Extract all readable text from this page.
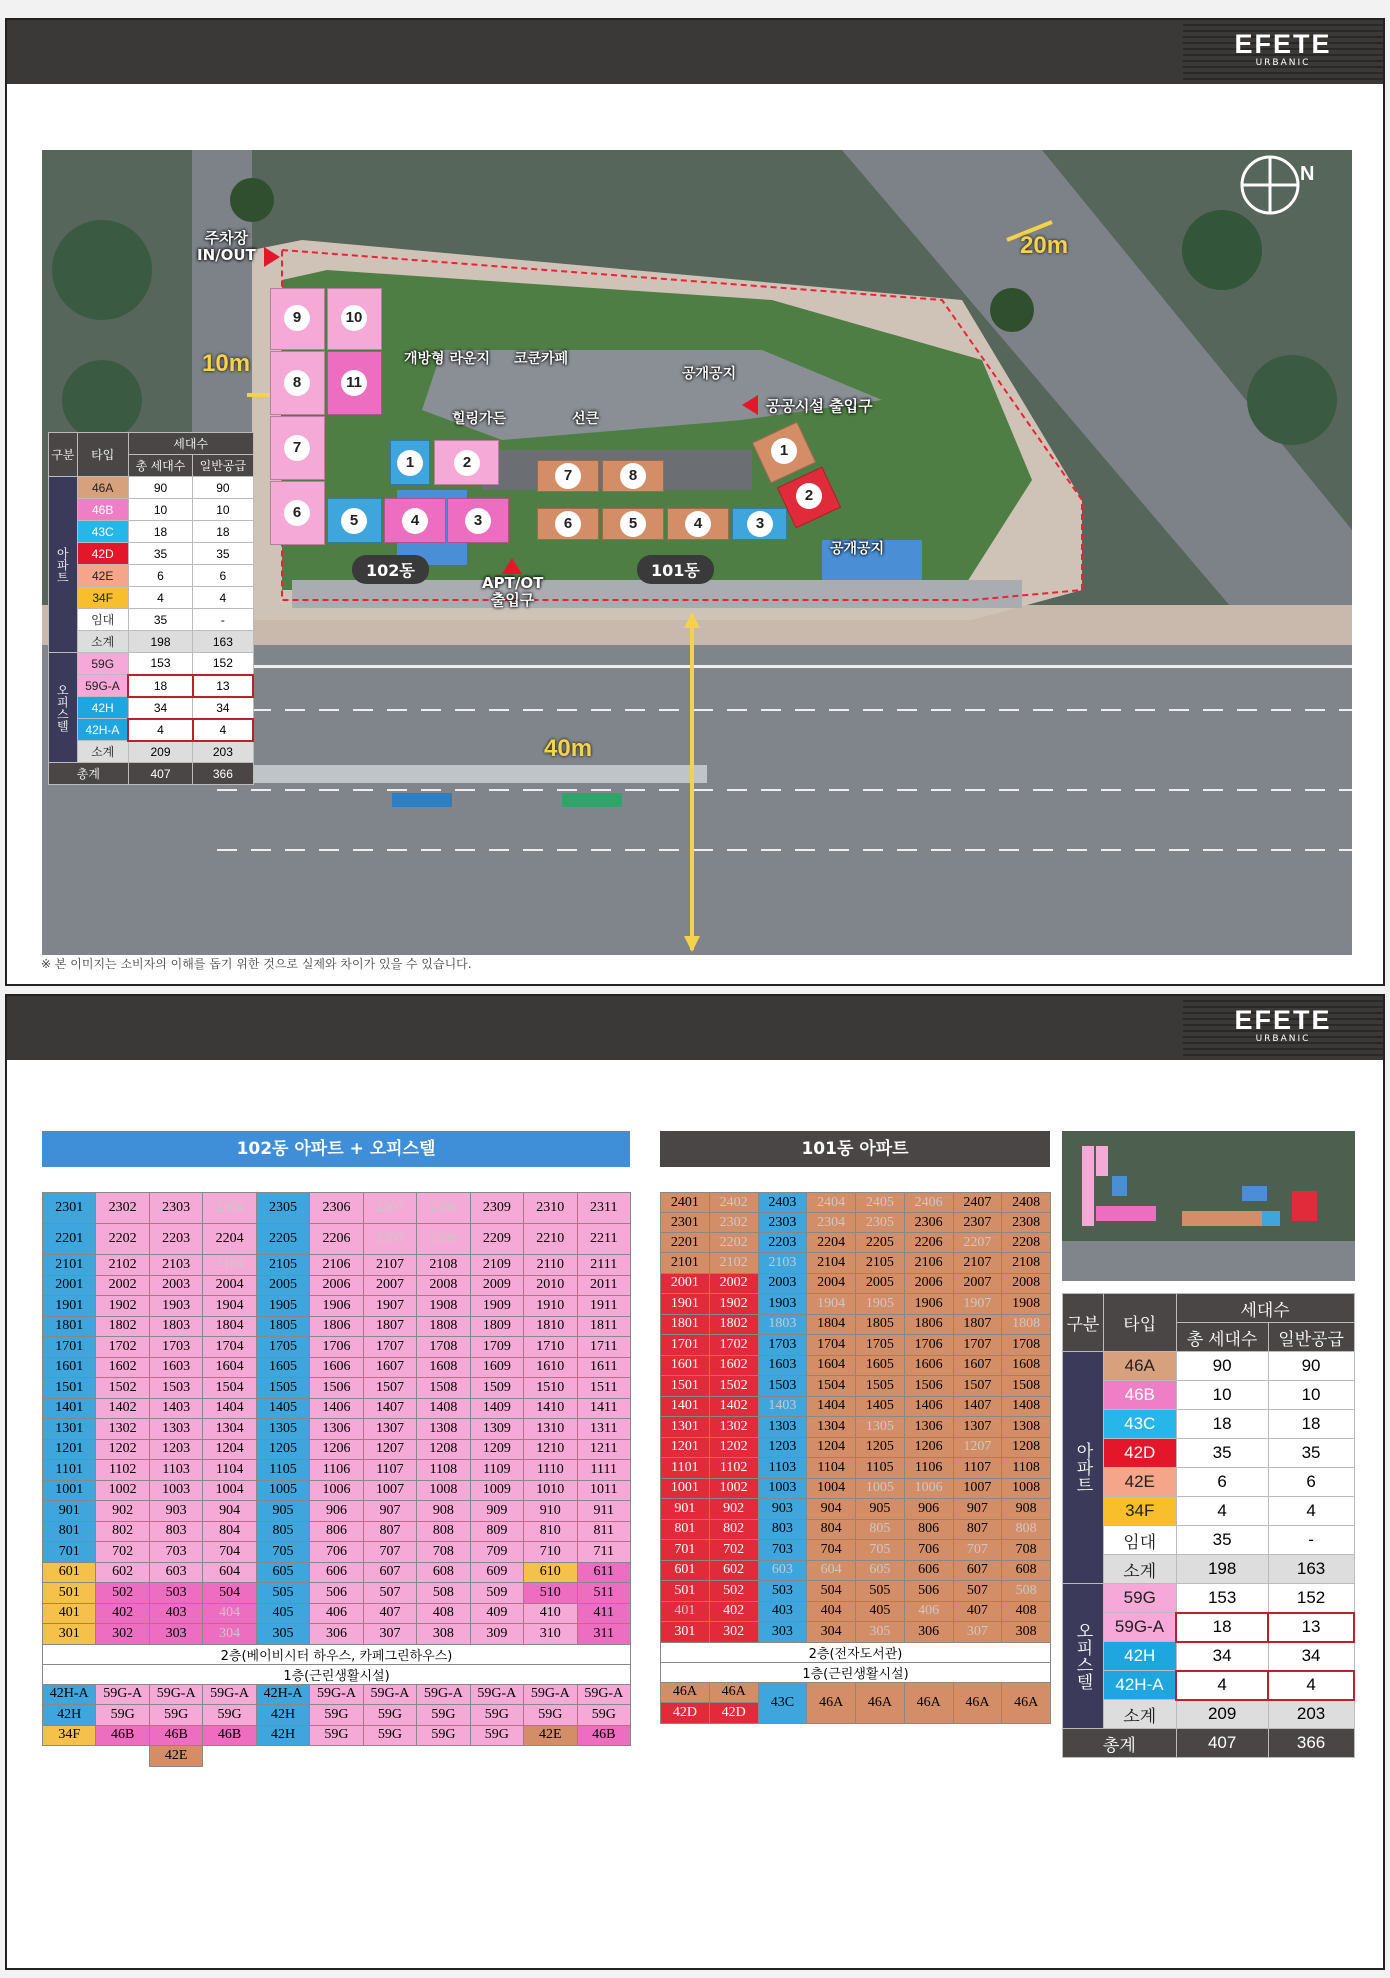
EFETE
URBANIC
N
9	10
8	11
7
6	5	4	3
1	2
7	8
6	5	4	3
1
2
주차장
IN/OUT
10m
20m
40m
공공시설 출입구
APT/OT
출입구
개방형 라운지 코쿤카페
힐링가든	선큰
공개공지
공개공지
102동	101동
구분	타입	세대수	
		총 세대수	일반공급
아파트	46A	90	90
	46B	10	10
	43C	18	18
	42D	35	35
	42E	6	6
	34F	4	4
	임대	35	-
	소계	198	163
오피스텔	59G	153	152
	59G-A	18	13
	42H	34	34
	42H-A	4	4
	소계	209	203
총계		407	366
※ 본 이미지는 소비자의 이해를 돕기 위한 것으로 실제와 차이가 있을 수 있습니다.
EFETE
URBANIC
102동 아파트 + 오피스텔	101동 아파트
2301	2302	2303	2304	2305	2306	2307	2308	2309	2310	2311
2201	2202	2203	2204	2205	2206	2207	2208	2209	2210	2211
2101	2102	2103	2104	2105	2106	2107	2108	2109	2110	2111
2001	2002	2003	2004	2005	2006	2007	2008	2009	2010	2011
1901	1902	1903	1904	1905	1906	1907	1908	1909	1910	1911
1801	1802	1803	1804	1805	1806	1807	1808	1809	1810	1811
1701	1702	1703	1704	1705	1706	1707	1708	1709	1710	1711
1601	1602	1603	1604	1605	1606	1607	1608	1609	1610	1611
1501	1502	1503	1504	1505	1506	1507	1508	1509	1510	1511
1401	1402	1403	1404	1405	1406	1407	1408	1409	1410	1411
1301	1302	1303	1304	1305	1306	1307	1308	1309	1310	1311
1201	1202	1203	1204	1205	1206	1207	1208	1209	1210	1211
1101	1102	1103	1104	1105	1106	1107	1108	1109	1110	1111
1001	1002	1003	1004	1005	1006	1007	1008	1009	1010	1011
901	902	903	904	905	906	907	908	909	910	911
801	802	803	804	805	806	807	808	809	810	811
701	702	703	704	705	706	707	708	709	710	711
601	602	603	604	605	606	607	608	609	610	611
501	502	503	504	505	506	507	508	509	510	511
401	402	403	404	405	406	407	408	409	410	411
301	302	303	304	305	306	307	308	309	310	311
2층(베이비시터 하우스, 카페그린하우스)										
1층(근린생활시설)										
42H-A	59G-A	59G-A	59G-A	42H-A	59G-A	59G-A	59G-A	59G-A	59G-A	59G-A
42H	59G	59G	59G	42H	59G	59G	59G	59G	59G	59G
34F	46B	46B	46B	42H	59G	59G	59G	59G	42E	46B
		42E								
2401	2402	2403	2404	2405	2406	2407	2408
2301	2302	2303	2304	2305	2306	2307	2308
2201	2202	2203	2204	2205	2206	2207	2208
2101	2102	2103	2104	2105	2106	2107	2108
2001	2002	2003	2004	2005	2006	2007	2008
1901	1902	1903	1904	1905	1906	1907	1908
1801	1802	1803	1804	1805	1806	1807	1808
1701	1702	1703	1704	1705	1706	1707	1708
1601	1602	1603	1604	1605	1606	1607	1608
1501	1502	1503	1504	1505	1506	1507	1508
1401	1402	1403	1404	1405	1406	1407	1408
1301	1302	1303	1304	1305	1306	1307	1308
1201	1202	1203	1204	1205	1206	1207	1208
1101	1102	1103	1104	1105	1106	1107	1108
1001	1002	1003	1004	1005	1006	1007	1008
901	902	903	904	905	906	907	908
801	802	803	804	805	806	807	808
701	702	703	704	705	706	707	708
601	602	603	604	605	606	607	608
501	502	503	504	505	506	507	508
401	402	403	404	405	406	407	408
301	302	303	304	305	306	307	308
2층(전자도서관)							
1층(근린생활시설)							
46A	46A	43C	46A	46A	46A	46A	46A
42D	42D						
구분	타입	세대수	
		총 세대수	일반공급
아파트	46A	90	90
	46B	10	10
	43C	18	18
	42D	35	35
	42E	6	6
	34F	4	4
	임대	35	-
	소계	198	163
오피스텔	59G	153	152
	59G-A	18	13
	42H	34	34
	42H-A	4	4
	소계	209	203
총계		407	366
